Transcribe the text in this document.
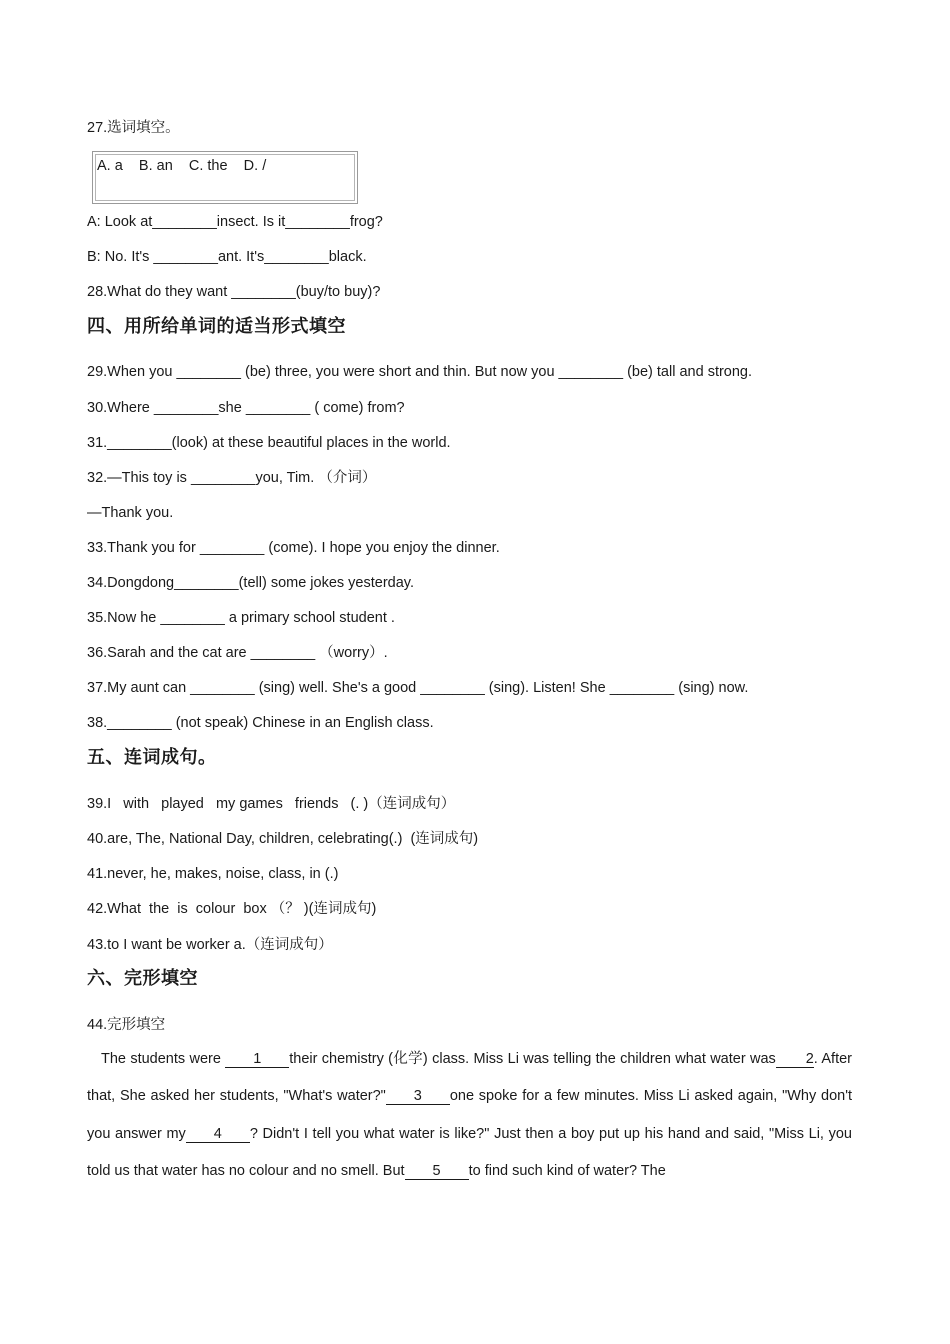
27.选词填空。
A. a    B. an    C. the    D. /
A: Look at________insect. Is it________frog?
B: No. It's ________ant. It's________black.
28.What do they want ________(buy/to buy)?
四、用所给单词的适当形式填空
29.When you ________ (be) three, you were short and thin. But now you ________ (be) tall and strong.
30.Where ________she ________ ( come) from?
31.________(look) at these beautiful places in the world.
32.—This toy is ________you, Tim. （介词）
—Thank you.
33.Thank you for ________ (come). I hope you enjoy the dinner.
34.Dongdong________(tell) some jokes yesterday.
35.Now he ________ a primary school student .
36.Sarah and the cat are ________ （worry）.
37.My aunt can ________ (sing) well. She's a good ________ (sing). Listen! She ________ (sing) now.
38.________ (not speak) Chinese in an English class.
五、连词成句。
39.I   with   played   my games   friends   (. )（连词成句）
40.are, The, National Day, children, celebrating(.)  (连词成句)
41.never, he, makes, noise, class, in (.)
42.What  the  is  colour  box （？ )(连词成句)
43.to I want be worker a.（连词成句）
六、完形填空
44.完形填空
The students were 1 their chemistry (化学) class. Miss Li was telling the children what water was 2. After that, She asked her students, "What's water?" 3 one spoke for a few minutes. Miss Li asked again, "Why don't you answer my 4 ? Didn't I tell you what water is like?" Just then a boy put up his hand and said, "Miss Li, you told us that water has no colour and no smell. But 5 to find such kind of water? The
